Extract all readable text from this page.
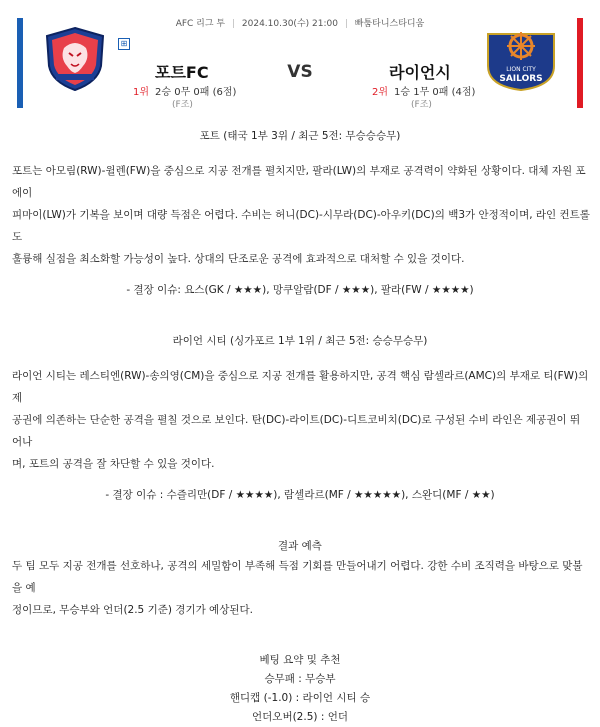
AFC 리그 투 | 2024.10.30(수) 21:00 | 빠툼타니스타디움
LION CITY
SAILORS
⊞
포트FC	VS	라이언시
1위 2승 0무 0패 (6점)	2위 1승 1무 0패 (4점)
(F조)	(F조)

포트 (태국 1부 3위 / 최근 5전: 무승승승무)

포트는 아모림(RW)-윌렌(FW)을 중심으로 지공 전개를 펼치지만, 팔라(LW)의 부재로 공격력이 약화된 상황이다. 대체 자원 포에이
피마이(LW)가 기복을 보이며 대량 득점은 어렵다. 수비는 허니(DC)-시무라(DC)-아우키(DC)의 백3가 안정적이며, 라인 컨트롤도
훌륭해 실점을 최소화할 가능성이 높다. 상대의 단조로운 공격에 효과적으로 대처할 수 있을 것이다.

- 결장 이슈: 요스(GK / ★★★), 망쿠알람(DF / ★★★), 팔라(FW / ★★★★)

라이언 시티 (싱가포르 1부 1위 / 최근 5전: 승승무승무)

라이언 시티는 레스티엔(RW)-송의영(CM)을 중심으로 지공 전개를 활용하지만, 공격 핵심 람셀라르(AMC)의 부재로 티(FW)의 제
공권에 의존하는 단순한 공격을 펼칠 것으로 보인다. 탄(DC)-라이트(DC)-디트코비치(DC)로 구성된 수비 라인은 제공권이 뛰어나
며, 포트의 공격을 잘 차단할 수 있을 것이다.

- 결장 이슈 : 수즐리만(DF / ★★★★), 람셀라르(MF / ★★★★★), 스완디(MF / ★★)

결과 예측

두 팀 모두 지공 전개를 선호하나, 공격의 세밀함이 부족해 득점 기회를 만들어내기 어렵다. 강한 수비 조직력을 바탕으로 맞불을 예
정이므로, 무승부와 언더(2.5 기준) 경기가 예상된다.

베팅 요약 및 추천

승무패 : 무승부

핸디캡 (-1.0) : 라이언 시티 승

언더오버(2.5) : 언더
